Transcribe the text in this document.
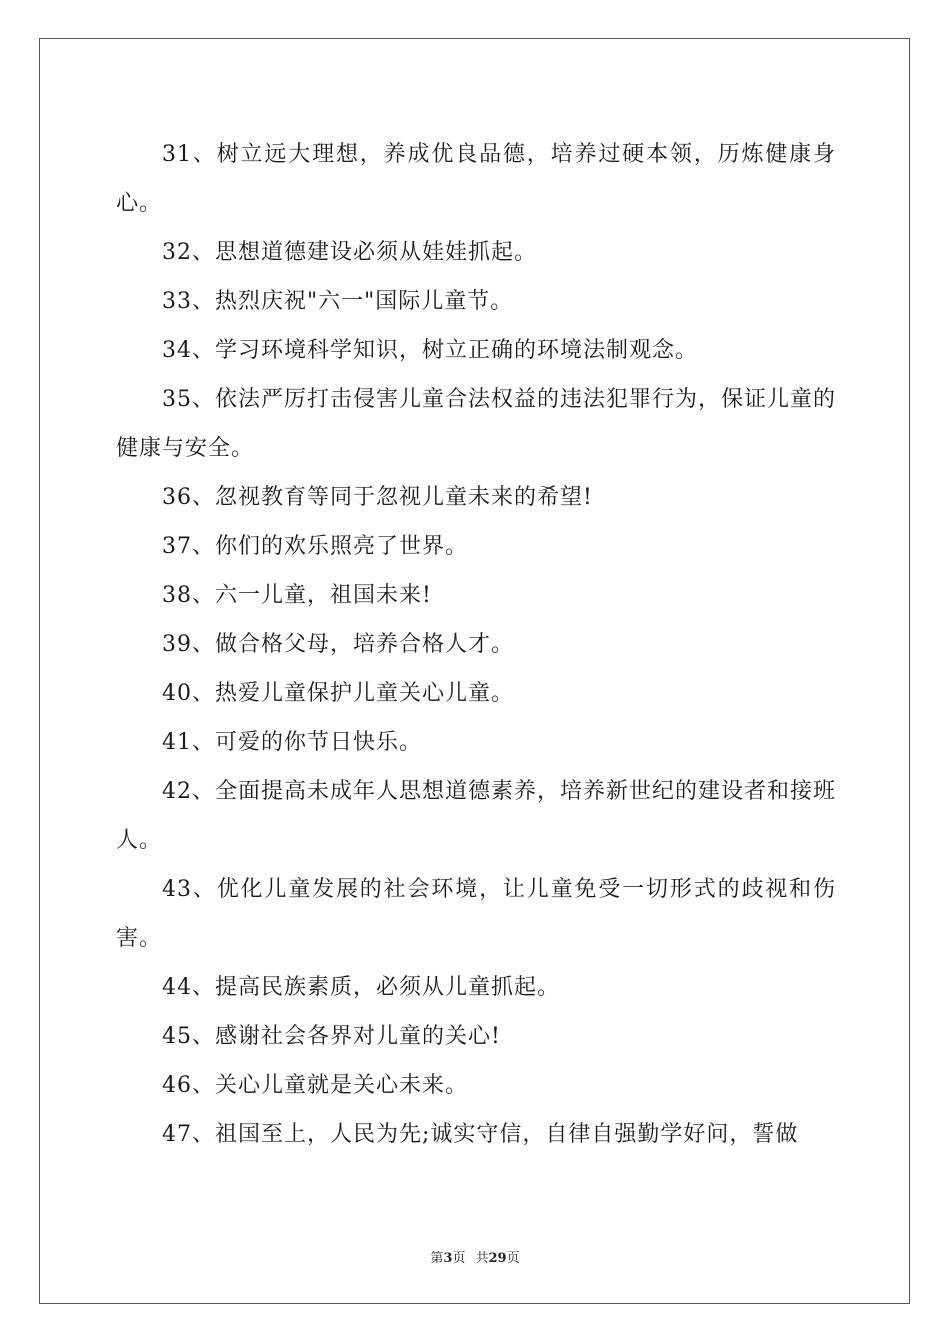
31、树立远大理想，养成优良品德，培养过硬本领，历炼健康身心。

32、思想道德建设必须从娃娃抓起。

33、热烈庆祝"六一"国际儿童节。

34、学习环境科学知识，树立正确的环境法制观念。

35、依法严厉打击侵害儿童合法权益的违法犯罪行为，保证儿童的健康与安全。

36、忽视教育等同于忽视儿童未来的希望!

37、你们的欢乐照亮了世界。

38、六一儿童，祖国未来!

39、做合格父母，培养合格人才。

40、热爱儿童保护儿童关心儿童。

41、可爱的你节日快乐。

42、全面提高未成年人思想道德素养，培养新世纪的建设者和接班人。

43、优化儿童发展的社会环境，让儿童免受一切形式的歧视和伤害。

44、提高民族素质，必须从儿童抓起。

45、感谢社会各界对儿童的关心!

46、关心儿童就是关心未来。

47、祖国至上，人民为先;诚实守信，自律自强勤学好问，誓做

第3页 共29页
